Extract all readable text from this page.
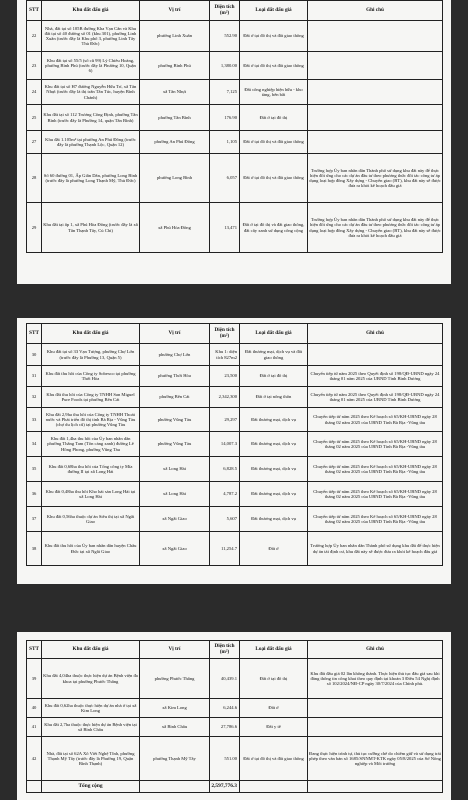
STT	Khu đất đấu giá	Vị trí	Diện tích (m²)	Loại đất đấu giá	Ghi chú
22	Nhà, đất tại số 105B đường Kha Vạn Cân và Khu đất tại số 40 đường số 01 (khu 301), phường Linh Xuân (trước đây là Khu phố 3, phường Linh Tây Thủ Đức)	phường Linh Xuân	552.90	Đất ở tại đô thị và đất giao thông	
23	Khu đất tại số 55/5 (số cũ 99) Lý Chiêu Hoàng, phường Bình Phú (trước đây là Phường 10, Quận 6)	phường Bình Phú	1,380.00	Đất ở tại đô thị và đất giao thông	
24	Khu đất tại số H7 đường Nguyễn Hữu Trí, xã Tân Nhựt (trước đây là thị trấn Tân Túc, huyện Bình Chánh)	xã Tân Nhựt	7,125	Đất công nghiệp hiện hữu - kho tàng, bến bãi	
25	Khu đất tại số 112 Trương Công Định, phường Tân Bình (trước đây là Phường 14, quận Tân Bình)	phường Tân Bình	176.90	Đất ở tại đô thị	
27	Khu đất 1.105m² tại phường An Phú Đông (trước đây là phường Thạnh Lộc, Quận 12)	phường An Phú Đông	1,105	Đất ở tại đô thị và đất giao thông	
28	Số 60 đường 01, Ấp Giãn Dân, phường Long Bình (trước đây là phường Long Thạnh Mỹ, Thủ Đức)	phường Long Bình	6,057	Đất ở tại đô thị và đất giao thông	Trường hợp Ủy ban nhân dân Thành phố sử dụng khu đất này để thực hiện đổi ứng cho các dự án đầu tư theo phương thức đối tác công tư áp dụng loại hợp đồng Xây dựng - Chuyển giao (BT), khu đất này sẽ được đưa ra khỏi kế hoạch đấu giá
29	Khu đất tại ấp 1, xã Phú Hòa Đông (trước đây là xã Tân Thạnh Tây, Củ Chi)	xã Phú Hòa Đông	13,471	Đất ở tại đô thị và đất giao thông, đất cây xanh sử dụng công cộng	Trường hợp Ủy ban nhân dân Thành phố sử dụng khu đất này để thực hiện đổi ứng cho các dự án đầu tư theo phương thức đối tác công tư áp dụng loại hợp đồng Xây dựng - Chuyển giao (BT), khu đất này sẽ được đưa ra khỏi kế hoạch đấu giá
STT	Khu đất đấu giá	Vị trí	Diện tích (m²)	Loại đất đấu giá	Ghi chú
30	Khu đất tại số 33 Vạn Tượng, phường Chợ Lớn (trước đây là Phường 13, Quận 5)	phường Chợ Lớn	Khu 1: diện tích 827m2	Đất thương mại, dịch vụ và đất giao thông	
31	Khu đất thu hồi của Công ty Sobexco tại phường Thới Hòa	phường Thới Hòa	23,500	Đất ở tại đô thị	Chuyển tiếp từ năm 2025 theo Quyết định số 198/QĐ-UBND ngày 24 tháng 01 năm 2025 của UBND Tỉnh Bình Dương
32	Khu đất thu hồi của Công ty TNHH San Miguel Pure Foods tại phường Bến Cát	phường Bến Cát	2,342,300	Đất ở tại nông thôn	Chuyển tiếp từ năm 2025 theo Quyết định số 198/QĐ-UBND ngày 24 tháng 01 năm 2025 của UBND Tỉnh Bình Dương
33	Khu đất 2,9ha thu hồi của Công ty TNHH Thoát nước và Phát triển đô thị tỉnh Bà Rịa - Vũng Tàu (chợ du lịch cũ) tại phường Vũng Tàu	phường Vũng Tàu	29,297	Đất thương mại, dịch vụ	Chuyển tiếp từ năm 2025 theo Kế hoạch số 65/KH-UBND ngày 28 tháng 02 năm 2025 của UBND Tỉnh Bà Rịa -Vũng tàu
34	Khu đất 1,4ha thu hồi của Ủy ban nhân dân phường Thắng Tam (Tôn cảng xanh) đường Lê Hồng Phong, phường Vũng Tàu	phường Vũng Tàu	14,007.3	Đất thương mại, dịch vụ	Chuyển tiếp từ năm 2025 theo Kế hoạch số 65/KH-UBND ngày 28 tháng 02 năm 2025 của UBND Tỉnh Bà Rịa -Vũng tàu
35	Khu đất 0,68ha thu hồi của Tổng công ty Mía đường II tại xã Long Hải	xã Long Hải	6,828.5	Đất thương mại, dịch vụ	Chuyển tiếp từ năm 2025 theo Kế hoạch số 65/KH-UBND ngày 28 tháng 02 năm 2025 của UBND Tỉnh Bà Rịa -Vũng tàu
36	Khu đất 0,48ha thu hồi Kho hải sản Long Hải tại xã Long Hải	xã Long Hải	4,787.2	Đất thương mại, dịch vụ	Chuyển tiếp từ năm 2025 theo Kế hoạch số 65/KH-UBND ngày 28 tháng 02 năm 2025 của UBND Tỉnh Bà Rịa -Vũng tàu
37	Khu đất 0,56ha thuộc dự án Siêu thị tại xã Ngãi Giao	xã Ngãi Giao	5,607	Đất thương mại, dịch vụ	Chuyển tiếp từ năm 2025 theo Kế hoạch số 65/KH-UBND ngày 28 tháng 02 năm 2025 của UBND Tỉnh Bà Rịa -Vũng tàu
38	Khu đất thu hồi của Ủy ban nhân dân huyện Châu Đức tại xã Ngãi Giao	xã Ngãi Giao	11,254.7	Đất ở	Trường hợp Ủy ban nhân dân Thành phố sử dụng khu đất để thực hiện dự án tái định cư, khu đất này sẽ được đưa ra khỏi kế hoạch đấu giá
STT	Khu đất đấu giá	Vị trí	Diện tích (m²)	Loại đất đấu giá	Ghi chú
39	Khu đất 4,04ha thuộc thực hiện dự án Bệnh viện đa khoa tại phường Phước Thắng	phường Phước Thắng	40,439.1	Đất ở tại đô thị	Khu đất đấu giá 02 lần không thành. Thực hiện thủ tục đấu giá sau khi đăng thông tin công khai theo quy định tại khoản 3 Điều 54 Nghị định số 102/2024/NĐ-CP ngày 30/7/2024 của Chính phủ.
40	Khu đất 0,62ha thuộc thực hiện dự án nhà ở tại xã Kim Long	xã Kim Long	6,244.6	Đất ở	
41	Khu đất 2,7ha thuộc thực hiện dự án Bệnh viện tại xã Bình Châu	xã Bình Châu	27,786.6	Đất y tế	
42	Nhà, đất tại số 62A Xô Viết Nghệ Tĩnh, phường Thạnh Mỹ Tây (trước đây là Phường 19, Quận Bình Thạnh)	phường Thạnh Mỹ Tây	551.00	Đất ở tại đô thị và đất giao thông	Đang thực hiện trình tự, thủ tục cưỡng chế do chiếm giữ và sử dụng trái phép theo văn bản số 1685/SNNMT-KTK ngày 05/8/2025 của Sở Nông nghiệp và Môi trường
	Tổng cộng		2,597,776.3		
